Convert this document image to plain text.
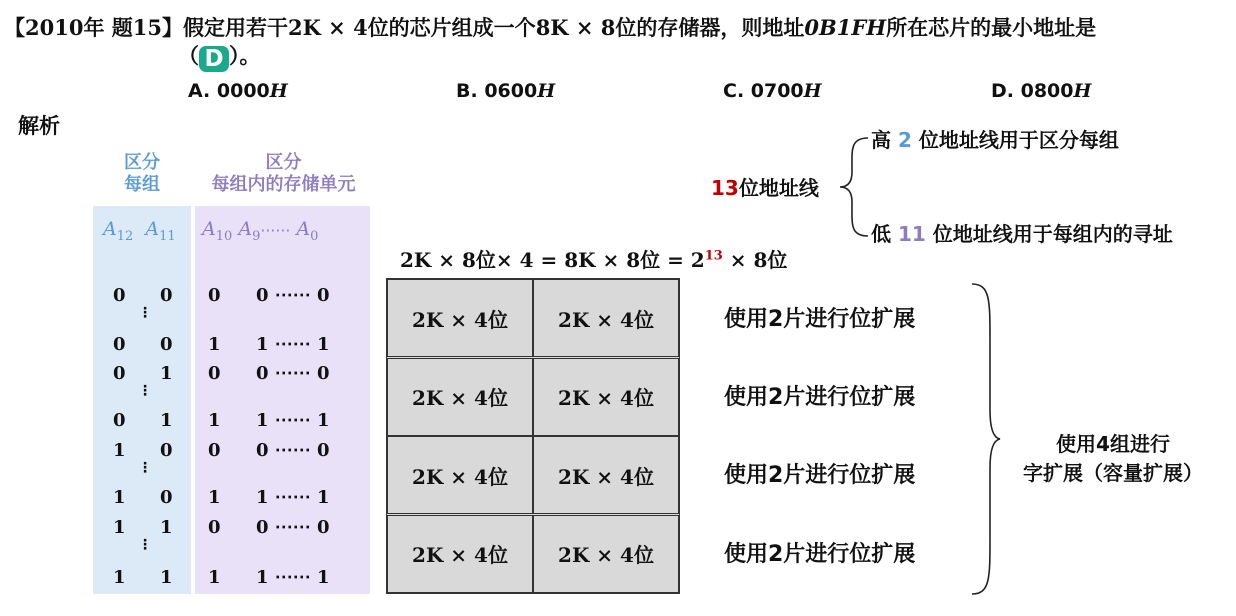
【2010年 题15】假定用若干2K × 4位的芯片组成一个8K × 8位的存储器，则地址0B1FH所在芯片的最小地址是
（ D ）。
A. 0000H	B. 0600H	C. 0700H	D. 0800H
解析
区分
每组
区分
每组内的存储单元
$A_{12}$ $A_{11}$ $A_{10}$ $A_9\cdots\cdots$ $A_0$
0 0 0 0 ⋯⋯ 0
⋮
0 0 1 1 ⋯⋯ 1
0 1 0 0 ⋯⋯ 0
⋮
0 1 1 1 ⋯⋯ 1
1 0 0 0 ⋯⋯ 0
⋮
1 0 1 1 ⋯⋯ 1
1 1 0 0 ⋯⋯ 0
⋮
1 1 1 1 ⋯⋯ 1
13位地址线
高 2 位地址线用于区分每组
低 11 位地址线用于每组内的寻址
2K × 8位× 4 = 8K × 8位 = $2^{13} \times 8$位
2K × 4位	2K × 4位
2K × 4位	2K × 4位
2K × 4位	2K × 4位
2K × 4位	2K × 4位
使用2片进行位扩展
使用2片进行位扩展
使用2片进行位扩展
使用2片进行位扩展
使用4组进行
字扩展（容量扩展）
